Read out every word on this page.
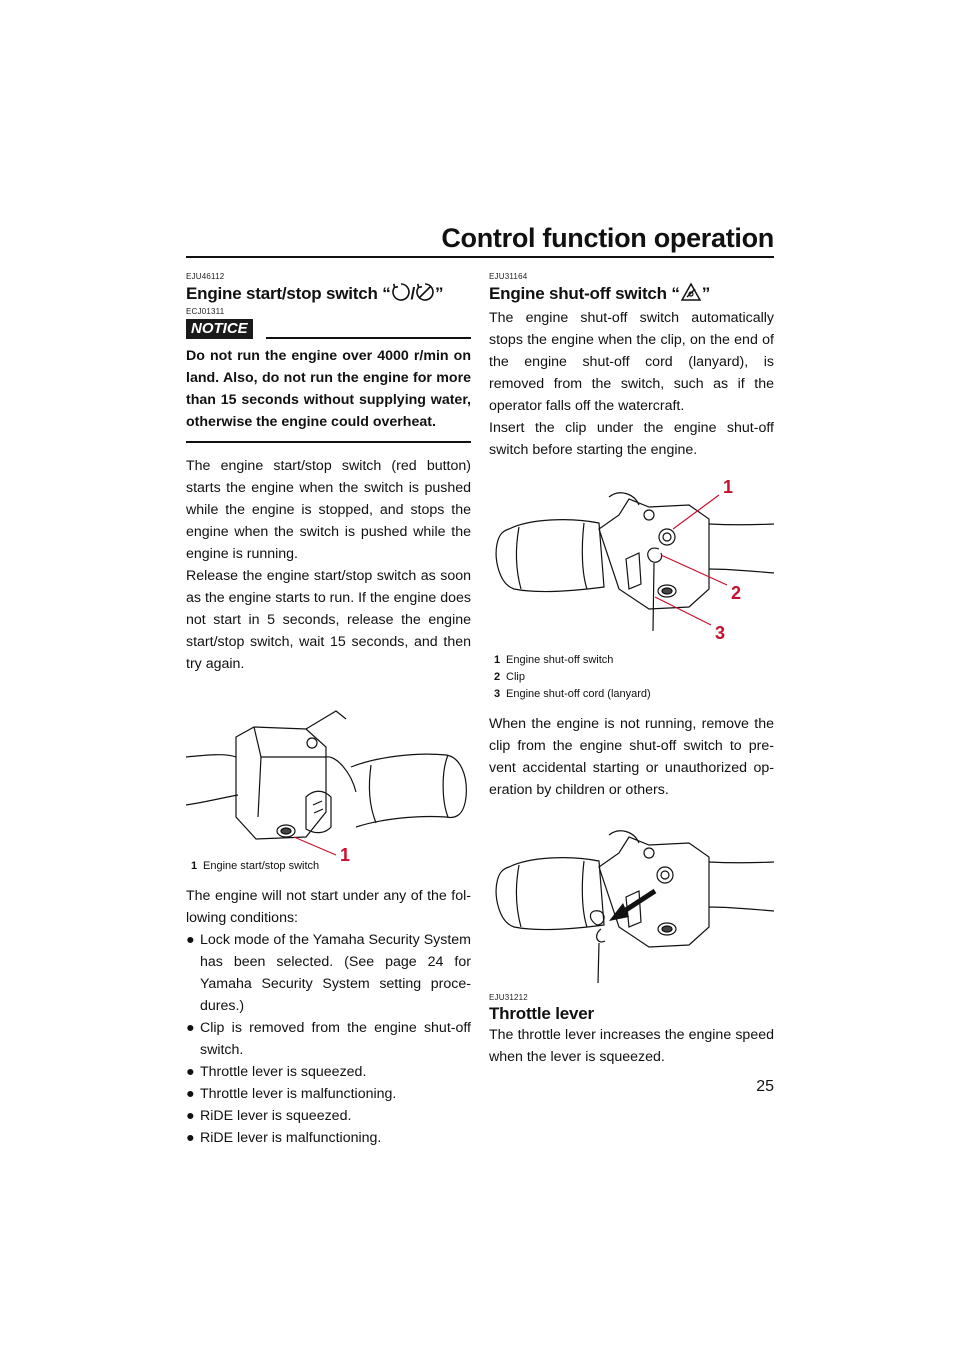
Control function operation

EJU46112

Engine start/stop switch “ / ”

ECJ01311

NOTICE

Do not run the engine over 4000 r/min on land. Also, do not run the engine for more than 15 seconds without supplying water, otherwise the engine could overheat.

The engine start/stop switch (red button) starts the engine when the switch is pushed while the engine is stopped, and stops the engine when the switch is pushed while the engine is running.

Release the engine start/stop switch as soon as the engine starts to run. If the engine does not start in 5 seconds, release the engine start/stop switch, wait 15 seconds, and then try again.

1

1 Engine start/stop switch

The engine will not start under any of the fol-lowing conditions:

● Lock mode of the Yamaha Security System has been selected. (See page 24 for Yamaha Security System setting proce-dures.)
● Clip is removed from the engine shut-off switch.
● Throttle lever is squeezed.
● Throttle lever is malfunctioning.
● RiDE lever is squeezed.
● RiDE lever is malfunctioning.

EJU31164

Engine shut-off switch “ ”

The engine shut-off switch automatically stops the engine when the clip, on the end of the engine shut-off cord (lanyard), is removed from the switch, such as if the operator falls off the watercraft.

Insert the clip under the engine shut-off switch before starting the engine.

1
2
3

1 Engine shut-off switch

2 Clip

3 Engine shut-off cord (lanyard)

When the engine is not running, remove the clip from the engine shut-off switch to pre-vent accidental starting or unauthorized op-eration by children or others.

EJU31212

Throttle lever

The throttle lever increases the engine speed when the lever is squeezed.

25
